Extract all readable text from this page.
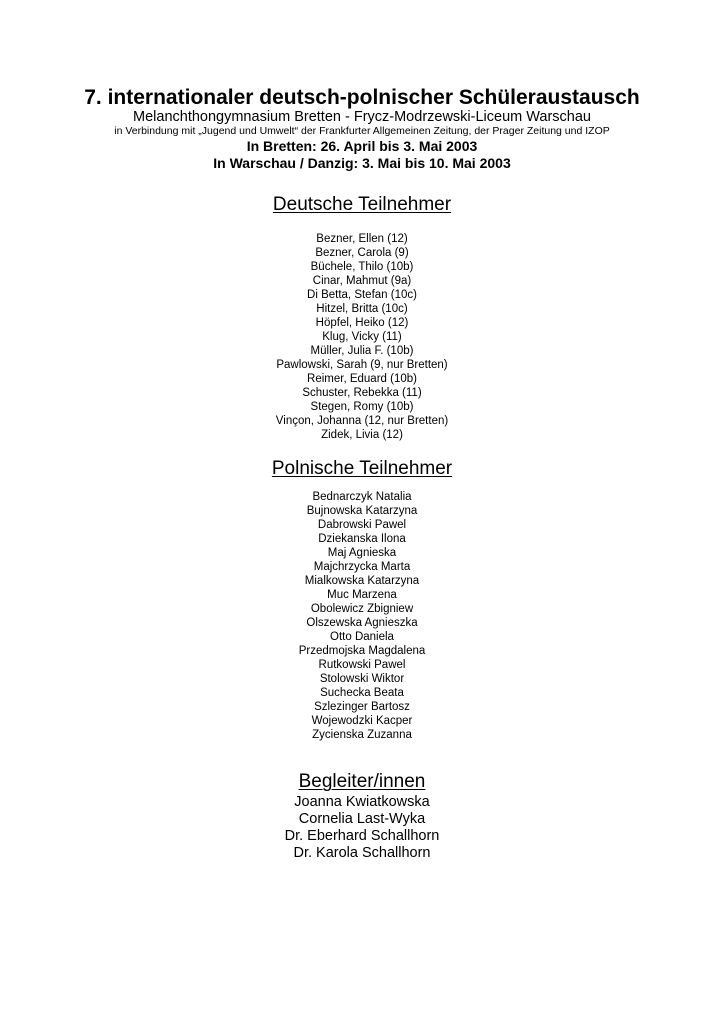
7. internationaler deutsch-polnischer Schüleraustausch
Melanchthongymnasium Bretten - Frycz-Modrzewski-Liceum Warschau
in Verbindung mit „Jugend und Umwelt“ der Frankfurter Allgemeinen Zeitung, der Prager Zeitung und IZOP
In Bretten: 26. April bis 3. Mai 2003
In Warschau / Danzig: 3. Mai bis 10. Mai 2003
Deutsche Teilnehmer
Bezner, Ellen (12)
Bezner, Carola (9)
Büchele, Thilo (10b)
Cinar, Mahmut (9a)
Di Betta, Stefan (10c)
Hitzel, Britta (10c)
Höpfel, Heiko (12)
Klug, Vicky (11)
Müller, Julia F. (10b)
Pawlowski, Sarah (9, nur Bretten)
Reimer, Eduard (10b)
Schuster, Rebekka (11)
Stegen, Romy (10b)
Vinçon, Johanna (12, nur Bretten)
Zidek, Livia (12)
Polnische Teilnehmer
Bednarczyk Natalia
Bujnowska Katarzyna
Dabrowski Pawel
Dziekanska Ilona
Maj Agnieska
Majchrzycka Marta
Mialkowska Katarzyna
Muc Marzena
Obolewicz Zbigniew
Olszewska Agnieszka
Otto Daniela
Przedmojska Magdalena
Rutkowski Pawel
Stolowski Wiktor
Suchecka Beata
Szlezinger Bartosz
Wojewodzki Kacper
Zycienska Zuzanna
Begleiter/innen
Joanna Kwiatkowska
Cornelia Last-Wyka
Dr. Eberhard Schallhorn
Dr. Karola Schallhorn
